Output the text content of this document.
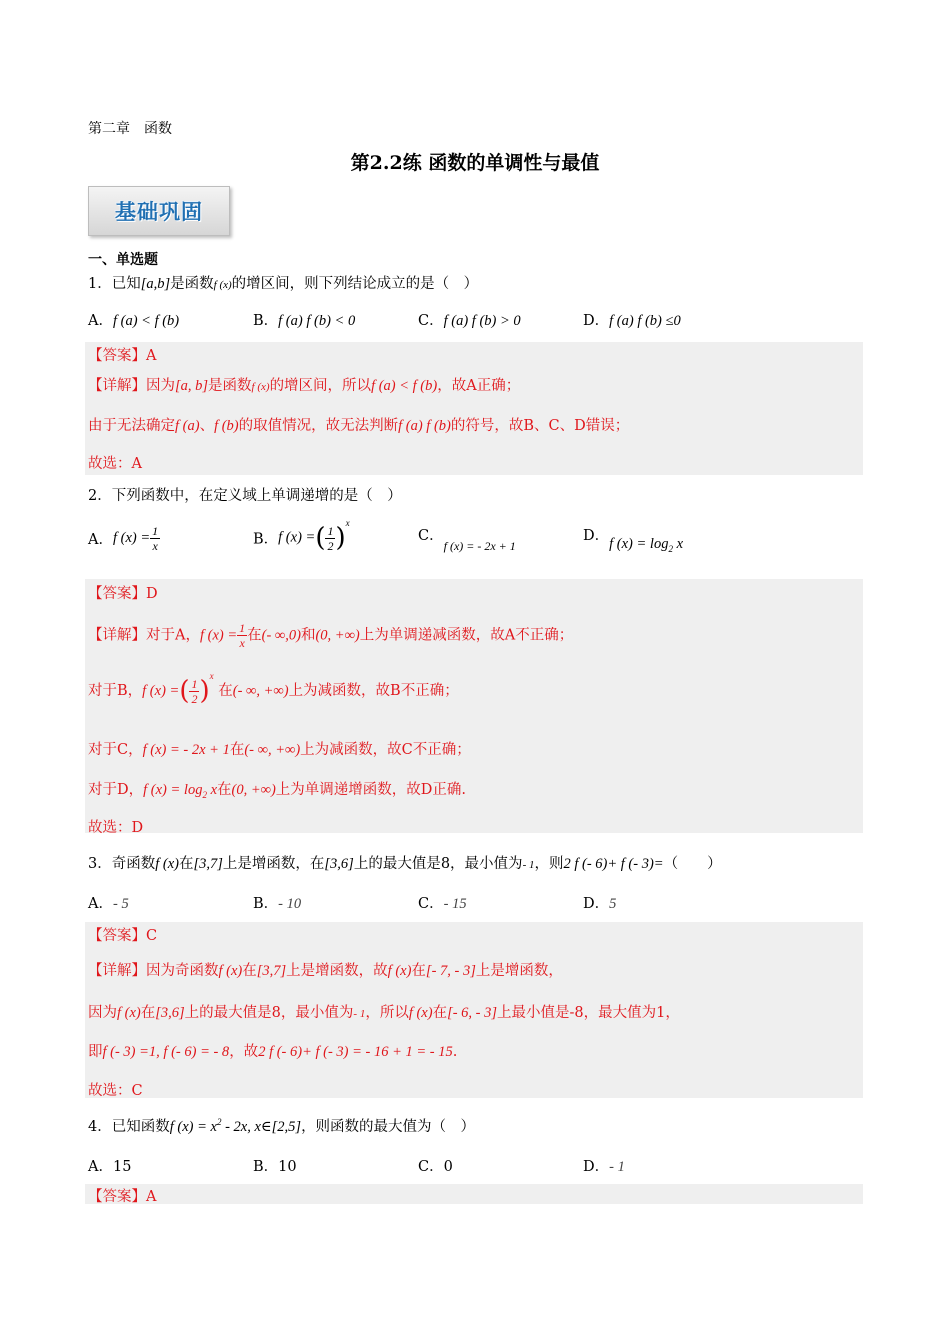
第二章　函数
第2.2练 函数的单调性与最值
基础巩固
一、单选题
1．已知[a,b]是函数f (x)的增区间，则下列结论成立的是（　）
A．f (a) < f (b)	B．f (a) f (b) < 0	C．f (a) f (b) > 0	D．f (a) f (b) ≤0
【答案】A
【详解】因为[a, b]是函数f (x)的增区间，所以f (a) < f (b)，故A正确；
由于无法确定f (a)、f (b)的取值情况，故无法判断f (a) f (b)的符号，故B、C、D错误；
故选：A
2．下列函数中，在定义域上单调递增的是（　）
A．f $(x) = \frac{1}{x}$	B．f (x) =( $\frac{1}{2} )^x$
C．$_{f (x) = - 2x + 1}$
D．f $(x) = \log_2 x$
【答案】D
【详解】对于A，f $(x) = \frac{1}{x}$ 在(- ∞,0)和(0, +∞)上为单调递减函数，故A不正确；
对于B，f (x) =( $\frac{1}{2} )^x$ 在(- ∞, +∞)上为减函数，故B不正确；
对于C，f (x) = - 2x + 1在(- ∞, +∞)上为减函数，故C不正确；
对于D，f $(x) = \log_2 x$在(0, +∞)上为单调递增函数，故D正确.
故选：D
3．奇函数f (x)在[3,7]上是增函数，在[3,6]上的最大值是8，最小值为- 1，则2 f (- 6)+ f (- 3)=（　　）
A．- 5	B．- 10	C．- 15	D．5
【答案】C
【详解】因为奇函数f (x)在[3,7]上是增函数，故f (x)在[- 7, - 3]上是增函数，
因为f (x)在[3,6]上的最大值是8，最小值为- 1，所以f (x)在[- 6, - 3]上最小值是-8，最大值为1，
即f (- 3) =1, f (- 6) = - 8，故2 f (- 6)+ f (- 3) = - 16 + 1 = - 15.
故选：C
4．已知函数f $(x) = x^2 - 2x$, x∈[2,5]，则函数的最大值为（　）
A．15	B．10	C．0	D．- 1
【答案】A
